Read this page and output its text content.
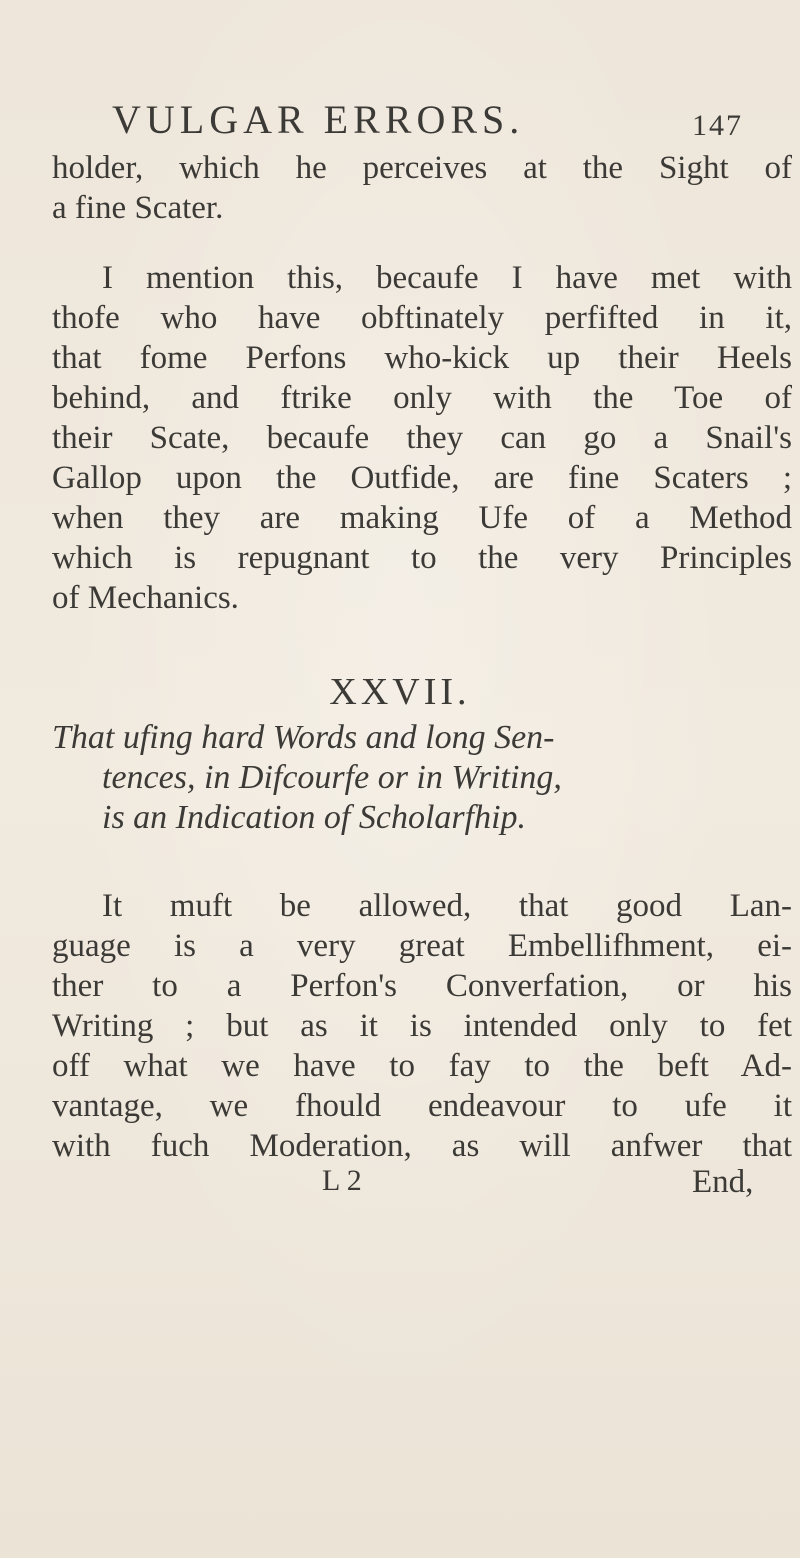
VULGAR ERRORS.	147
holder, which he perceives at the Sight of
a fine Scater.
I mention this, becaufe I have met with
thofe who have obftinately perfifted in it,
that fome Perfons who-kick up their Heels
behind, and ftrike only with the Toe of
their Scate, becaufe they can go a Snail's
Gallop upon the Outfide, are fine Scaters ;
when they are making Ufe of a Method
which is repugnant to the very Principles
of Mechanics.
XXVII.
That ufing hard Words and long Sen-
tences, in Difcourfe or in Writing,
is an Indication of Scholarfhip.
It muft be allowed, that good Lan-
guage is a very great Embellifhment, ei-
ther to a Perfon's Converfation, or his
Writing ; but as it is intended only to fet
off what we have to fay to the beft Ad-
vantage, we fhould endeavour to ufe it
with fuch Moderation, as will anfwer that
L 2	End,
